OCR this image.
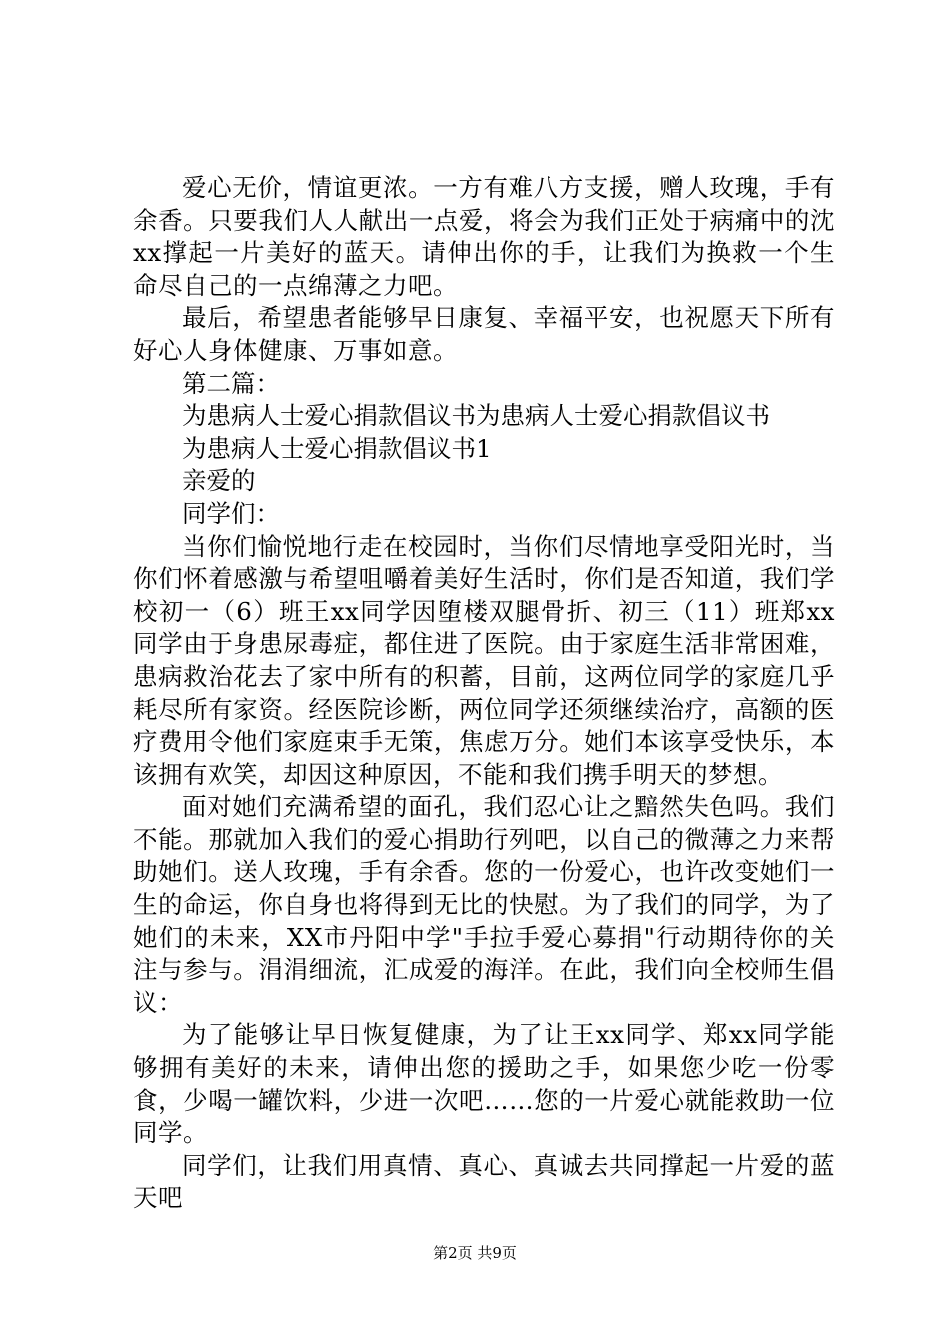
爱心无价，情谊更浓。一方有难八方支援，赠人玫瑰，手有余香。只要我们人人献出一点爱，将会为我们正处于病痛中的沈xx撑起一片美好的蓝天。请伸出你的手，让我们为换救一个生命尽自己的一点绵薄之力吧。

最后，希望患者能够早日康复、幸福平安，也祝愿天下所有好心人身体健康、万事如意。

第二篇：
为患病人士爱心捐款倡议书为患病人士爱心捐款倡议书
为患病人士爱心捐款倡议书1
亲爱的
同学们：

当你们愉悦地行走在校园时，当你们尽情地享受阳光时，当你们怀着感激与希望咀嚼着美好生活时，你们是否知道，我们学校初一（6）班王xx同学因堕楼双腿骨折、初三（11）班郑xx同学由于身患尿毒症，都住进了医院。由于家庭生活非常困难，患病救治花去了家中所有的积蓄，目前，这两位同学的家庭几乎耗尽所有家资。经医院诊断，两位同学还须继续治疗，高额的医疗费用令他们家庭束手无策，焦虑万分。她们本该享受快乐，本该拥有欢笑，却因这种原因，不能和我们携手明天的梦想。

面对她们充满希望的面孔，我们忍心让之黯然失色吗。我们不能。那就加入我们的爱心捐助行列吧，以自己的微薄之力来帮助她们。送人玫瑰，手有余香。您的一份爱心，也许改变她们一生的命运，你自身也将得到无比的快慰。为了我们的同学，为了她们的未来，XX市丹阳中学"手拉手爱心募捐"行动期待你的关注与参与。涓涓细流，汇成爱的海洋。在此，我们向全校师生倡议：

为了能够让早日恢复健康，为了让王xx同学、郑xx同学能够拥有美好的未来，请伸出您的援助之手，如果您少吃一份零食，少喝一罐饮料，少进一次吧……您的一片爱心就能救助一位同学。

同学们，让我们用真情、真心、真诚去共同撑起一片爱的蓝天吧

第2页 共9页
